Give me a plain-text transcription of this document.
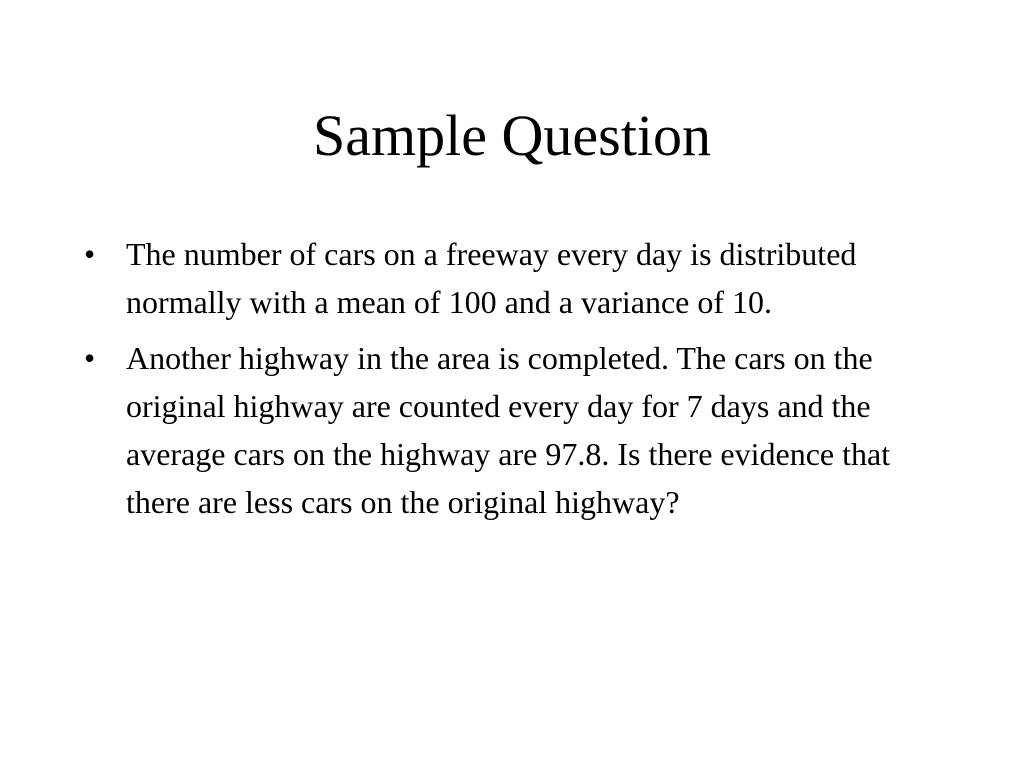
Sample Question
• The number of cars on a freeway every day is distributed normally with a mean of 100 and a variance of 10.
• Another highway in the area is completed. The cars on the original highway are counted every day for 7 days and the average cars on the highway are 97.8. Is there evidence that there are less cars on the original highway?
